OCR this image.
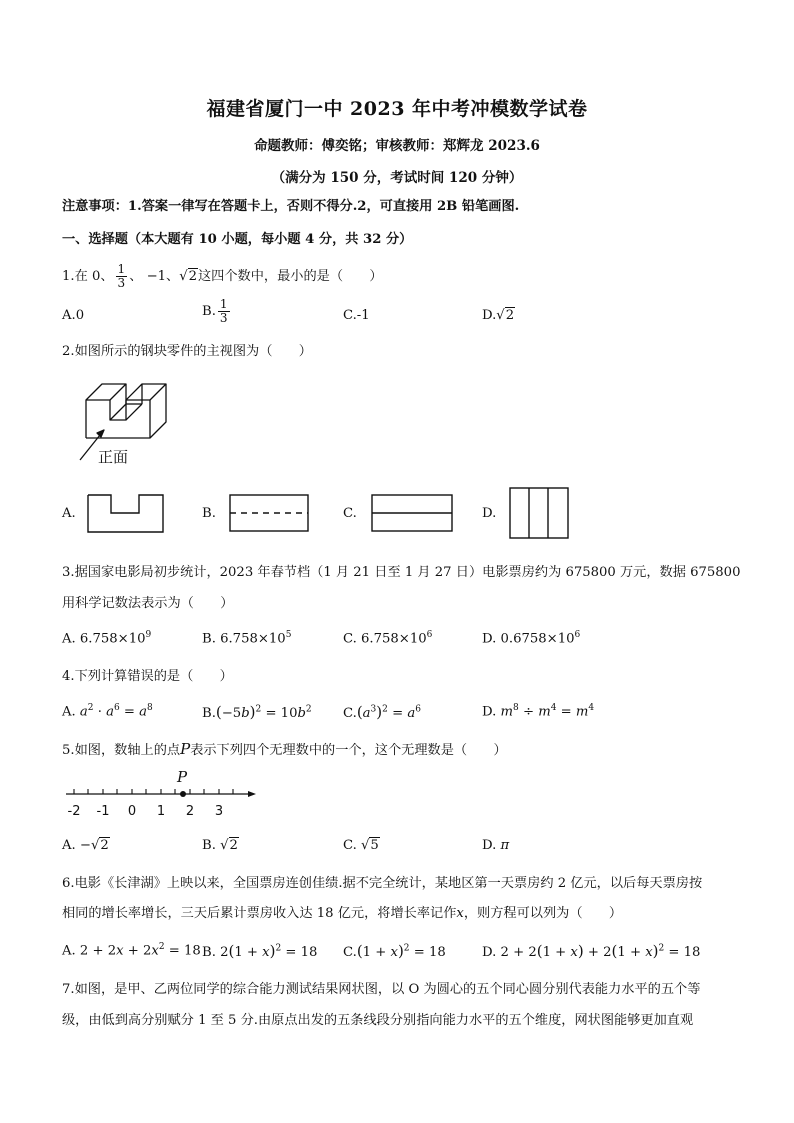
福建省厦门一中 2023 年中考冲模数学试卷
命题教师：傅奕铭；审核教师：郑辉龙 2023.6
（满分为 150 分，考试时间 120 分钟）
注意事项：1.答案一律写在答题卡上，否则不得分.2，可直接用 2B 铅笔画图.
一、选择题（本大题有 10 小题，每小题 4 分，共 32 分）
1.在 0、 $\frac{1}{3}$ 、 −1、√2这四个数中，最小的是（　　）
A.0	B. $\frac{1}{3}$	C.-1	D.√2
2.如图所示的钢块零件的主视图为（　　）
正面
A.	B.	C.	D.
3.据国家电影局初步统计，2023 年春节档（1 月 21 日至 1 月 27 日）电影票房约为 675800 万元，数据 675800
用科学记数法表示为（　　）
A. $6.758\times 10^9$	B. $6.758\times 10^5$	C. $6.758\times 10^6$	D. $0.6758\times 10^6$
4.下列计算错误的是（　　）
A. $a^2 \cdot a^6 = a^8$	$B.(-5b)^2 = 10b^2$ $C.(a^3)^2 = a^6$	D. $m^8 \div m^4 = m^4$
5.如图，数轴上的点P表示下列四个无理数中的一个，这个无理数是（　　）
P
-2 -1 0 1 2 3
A. −√2	B. √2	C. √5	D. π
6.电影《长津湖》上映以来，全国票房连创佳绩.据不完全统计，某地区第一天票房约 2 亿元，以后每天票房按
相同的增长率增长，三天后累计票房收入达 18 亿元，将增长率记作x，则方程可以列为（　　）
A. $2 + 2x + 2x^2 = 18$ B. $2(1 + x)^2 = 18$ $C.(1 + x)^2 = 18$	D. $2 + 2(1 + x) + 2(1 + x)^2 = 18$
7.如图，是甲、乙两位同学的综合能力测试结果网状图，以 O 为圆心的五个同心圆分别代表能力水平的五个等
级，由低到高分别赋分 1 至 5 分.由原点出发的五条线段分别指向能力水平的五个维度，网状图能够更加直观
